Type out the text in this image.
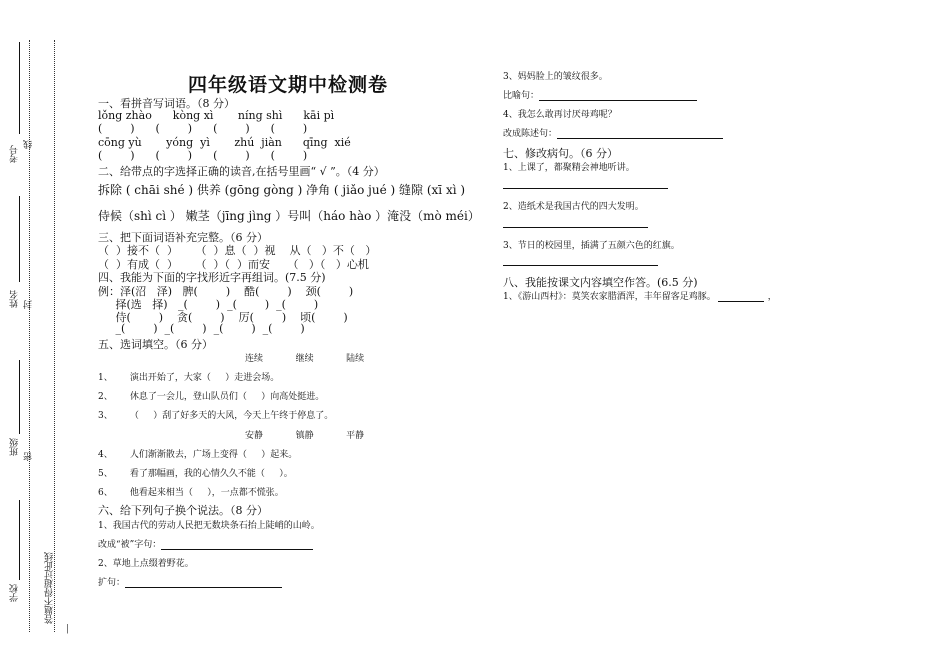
考号
线
姓名 封
班级
密
学校	答题不得超过此线
四年级语文期中检测卷
一、看拼音写词语。（8 分）
lǒng zhào      kòng xì       níng shì      kāi pì
(        )      (        )      (        )      (        )
cōng yù       yóng  yì       zhú  jiàn      qīng  xié
(        )      (        )      (        )      (        )
二、给带点的字选择正确的读音,在括号里画“ √ ”。（4 分）
拆除 ( chāi shé ) 供养 (gōng gòng ) 净角 ( jiǎo jué ) 缝隙 (xī xì )
侍候（shì cì ） 嫩茎（jīng jìng ）号叫（háo hào ）淹没（mò méi）
三、把下面词语补充完整。（6 分）
（  ）接不（  ）     （  ）息（  ）视    从（   ）不（   ）
（  ）有成（  ）     （  ）（  ）而安     （   ）（   ）心机
四、我能为下面的字找形近字再组词。(7.5 分)
例：泽(沼   泽)   脾(        )    酷(        )    颈(        )
择(选   择)   _(        )  _(        )  _(        )
侍(        )    贪(        )    厉(        )    顷(        )
_(        )  _(        )  _(        )  _(        )
五、选词填空。（6 分）
连续   继续   陆续
1、      演出开始了，大家（     ）走进会场。
2、      休息了一会儿，登山队员们（     ）向高处挺进。
3、      （     ）刮了好多天的大风，今天上午终于停息了。
安静   镇静   平静
4、      人们渐渐散去，广场上变得（     ）起来。
5、      看了那幅画，我的心情久久不能（     ）。
6、      他看起来相当（     ），一点都不慌张。
六、给下列句子换个说法。（8 分）
1、我国古代的劳动人民把无数块条石抬上陡峭的山岭。
改成“被”字句：
2、草地上点缀着野花。
扩句：
3、妈妈脸上的皱纹很多。
比喻句：
4、我怎么敢再讨厌母鸡呢？
改成陈述句：
七、修改病句。（6 分）
1、上课了，都聚精会神地听讲。
2、造纸术是我国古代的四大发明。
3、节日的校园里，插满了五颜六色的红旗。
八、我能按课文内容填空作答。(6.5 分)
1、《游山西村》：莫笑农家腊酒浑，丰年留客足鸡豚。	，
|
